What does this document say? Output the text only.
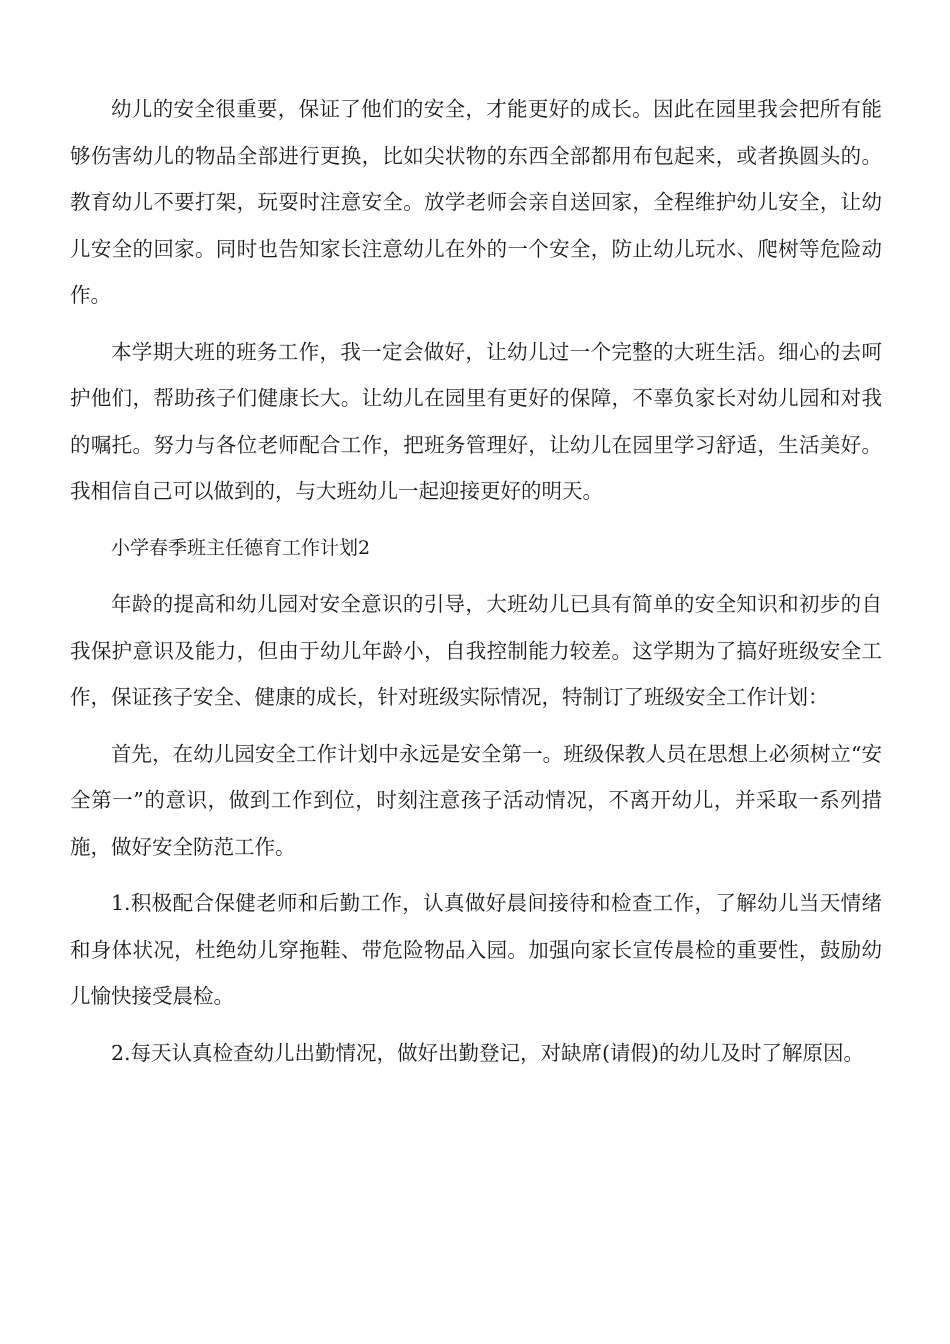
幼儿的安全很重要，保证了他们的安全，才能更好的成长。因此在园里我会把所有能够伤害幼儿的物品全部进行更换，比如尖状物的东西全部都用布包起来，或者换圆头的。教育幼儿不要打架，玩耍时注意安全。放学老师会亲自送回家，全程维护幼儿安全，让幼儿安全的回家。同时也告知家长注意幼儿在外的一个安全，防止幼儿玩水、爬树等危险动作。

本学期大班的班务工作，我一定会做好，让幼儿过一个完整的大班生活。细心的去呵护他们，帮助孩子们健康长大。让幼儿在园里有更好的保障，不辜负家长对幼儿园和对我的嘱托。努力与各位老师配合工作，把班务管理好，让幼儿在园里学习舒适，生活美好。我相信自己可以做到的，与大班幼儿一起迎接更好的明天。

小学春季班主任德育工作计划2

年龄的提高和幼儿园对安全意识的引导，大班幼儿已具有简单的安全知识和初步的自我保护意识及能力，但由于幼儿年龄小，自我控制能力较差。这学期为了搞好班级安全工作，保证孩子安全、健康的成长，针对班级实际情况，特制订了班级安全工作计划：

首先，在幼儿园安全工作计划中永远是安全第一。班级保教人员在思想上必须树立“安全第一”的意识，做到工作到位，时刻注意孩子活动情况，不离开幼儿，并采取一系列措施，做好安全防范工作。

1.积极配合保健老师和后勤工作，认真做好晨间接待和检查工作，了解幼儿当天情绪和身体状况，杜绝幼儿穿拖鞋、带危险物品入园。加强向家长宣传晨检的重要性，鼓励幼儿愉快接受晨检。

2.每天认真检查幼儿出勤情况，做好出勤登记，对缺席(请假)的幼儿及时了解原因。
